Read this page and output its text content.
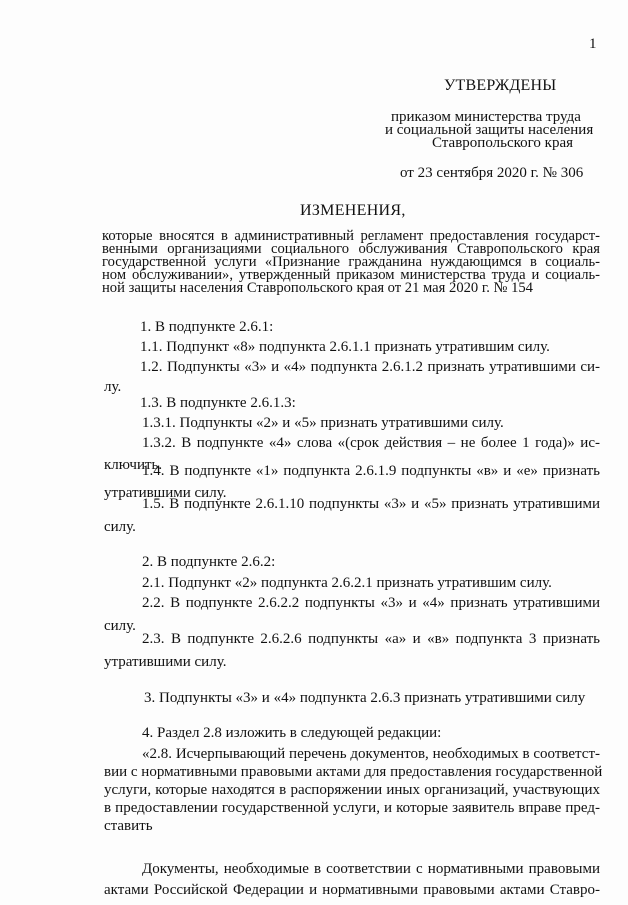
1
УТВЕРЖДЕНЫ
приказом министерства труда
и социальной защиты населения
Ставропольского края
от 23 сентября 2020 г. № 306
ИЗМЕНЕНИЯ,
которые вносятся в административный регламент предоставления государст-
венными организациями социального обслуживания Ставропольского края
государственной услуги «Признание гражданина нуждающимся в социаль-
ном обслуживании», утвержденный приказом министерства труда и социаль-
ной защиты населения Ставропольского края от 21 мая 2020 г. № 154
1. В подпункте 2.6.1:
1.1. Подпункт «8» подпункта 2.6.1.1 признать утратившим силу.
1.2. Подпункты «3» и «4» подпункта 2.6.1.2 признать утратившими си-
лу.
1.3. В подпункте 2.6.1.3:
1.3.1. Подпункты «2» и «5» признать утратившими силу.
1.3.2. В подпункте «4» слова «(срок действия – не более 1 года)» ис-
ключить.
1.4. В подпункте «1» подпункта 2.6.1.9 подпункты «в» и «е» признать
утратившими силу.
1.5. В подпункте 2.6.1.10 подпункты «3» и «5» признать утратившими
силу.
2. В подпункте 2.6.2:
2.1. Подпункт «2» подпункта 2.6.2.1 признать утратившим силу.
2.2. В подпункте 2.6.2.2 подпункты «3» и «4» признать утратившими
силу.
2.3. В подпункте 2.6.2.6 подпункты «а» и «в» подпункта 3 признать
утратившими силу.
3. Подпункты «3» и «4» подпункта 2.6.3 признать утратившими силу
4. Раздел 2.8 изложить в следующей редакции:
«2.8. Исчерпывающий перечень документов, необходимых в соответст-
вии с нормативными правовыми актами для предоставления государственной
услуги, которые находятся в распоряжении иных организаций, участвующих
в предоставлении государственной услуги, и которые заявитель вправе пред-
ставить
Документы, необходимые в соответствии с нормативными правовыми
актами Российской Федерации и нормативными правовыми актами Ставро-
